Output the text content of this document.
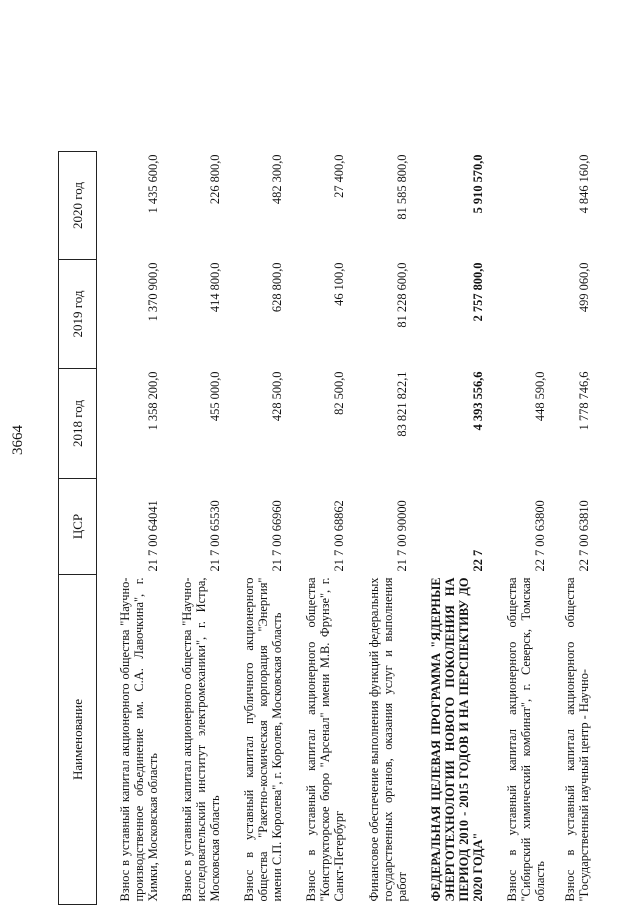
3664
Наименование	ЦСР	2018 год	2019 год	2020 год
Взнос в уставный капитал акционерного общества "Научно-производственное объединение им. С.А. Лавочкина", г. Химки, Московская область	21 7 00 64041	1 358 200,0	1 370 900,0	1 435 600,0
Взнос в уставный капитал акционерного общества "Научно-исследовательский институт электромеханики", г. Истра, Московская область	21 7 00 65530	455 000,0	414 800,0	226 800,0
Взнос в уставный капитал публичного акционерного общества "Ракетно-космическая корпорация "Энергия" имени С.П. Королева", г. Королев, Московская область	21 7 00 66960	428 500,0	628 800,0	482 300,0
Взнос в уставный капитал акционерного общества "Конструкторское бюро "Арсенал" имени М.В. Фрунзе", г. Санкт-Петербург	21 7 00 68862	82 500,0	46 100,0	27 400,0
Финансовое обеспечение выполнения функций федеральных государственных органов, оказания услуг и выполнения работ	21 7 00 90000	83 821 822,1	81 228 600,0	81 585 800,0
ФЕДЕРАЛЬНАЯ ЦЕЛЕВАЯ ПРОГРАММА "ЯДЕРНЫЕ ЭНЕРГОТЕХНОЛОГИИ НОВОГО ПОКОЛЕНИЯ НА ПЕРИОД 2010 - 2015 ГОДОВ И НА ПЕРСПЕКТИВУ ДО 2020 ГОДА"	22 7	4 393 556,6	2 757 800,0	5 910 570,0
Взнос в уставный капитал акционерного общества "Сибирский химический комбинат", г. Северск, Томская область	22 7 00 63800	448 590,0		
Взнос в уставный капитал акционерного общества "Государственный научный центр - Научно-	22 7 00 63810	1 778 746,6	499 060,0	4 846 160,0
